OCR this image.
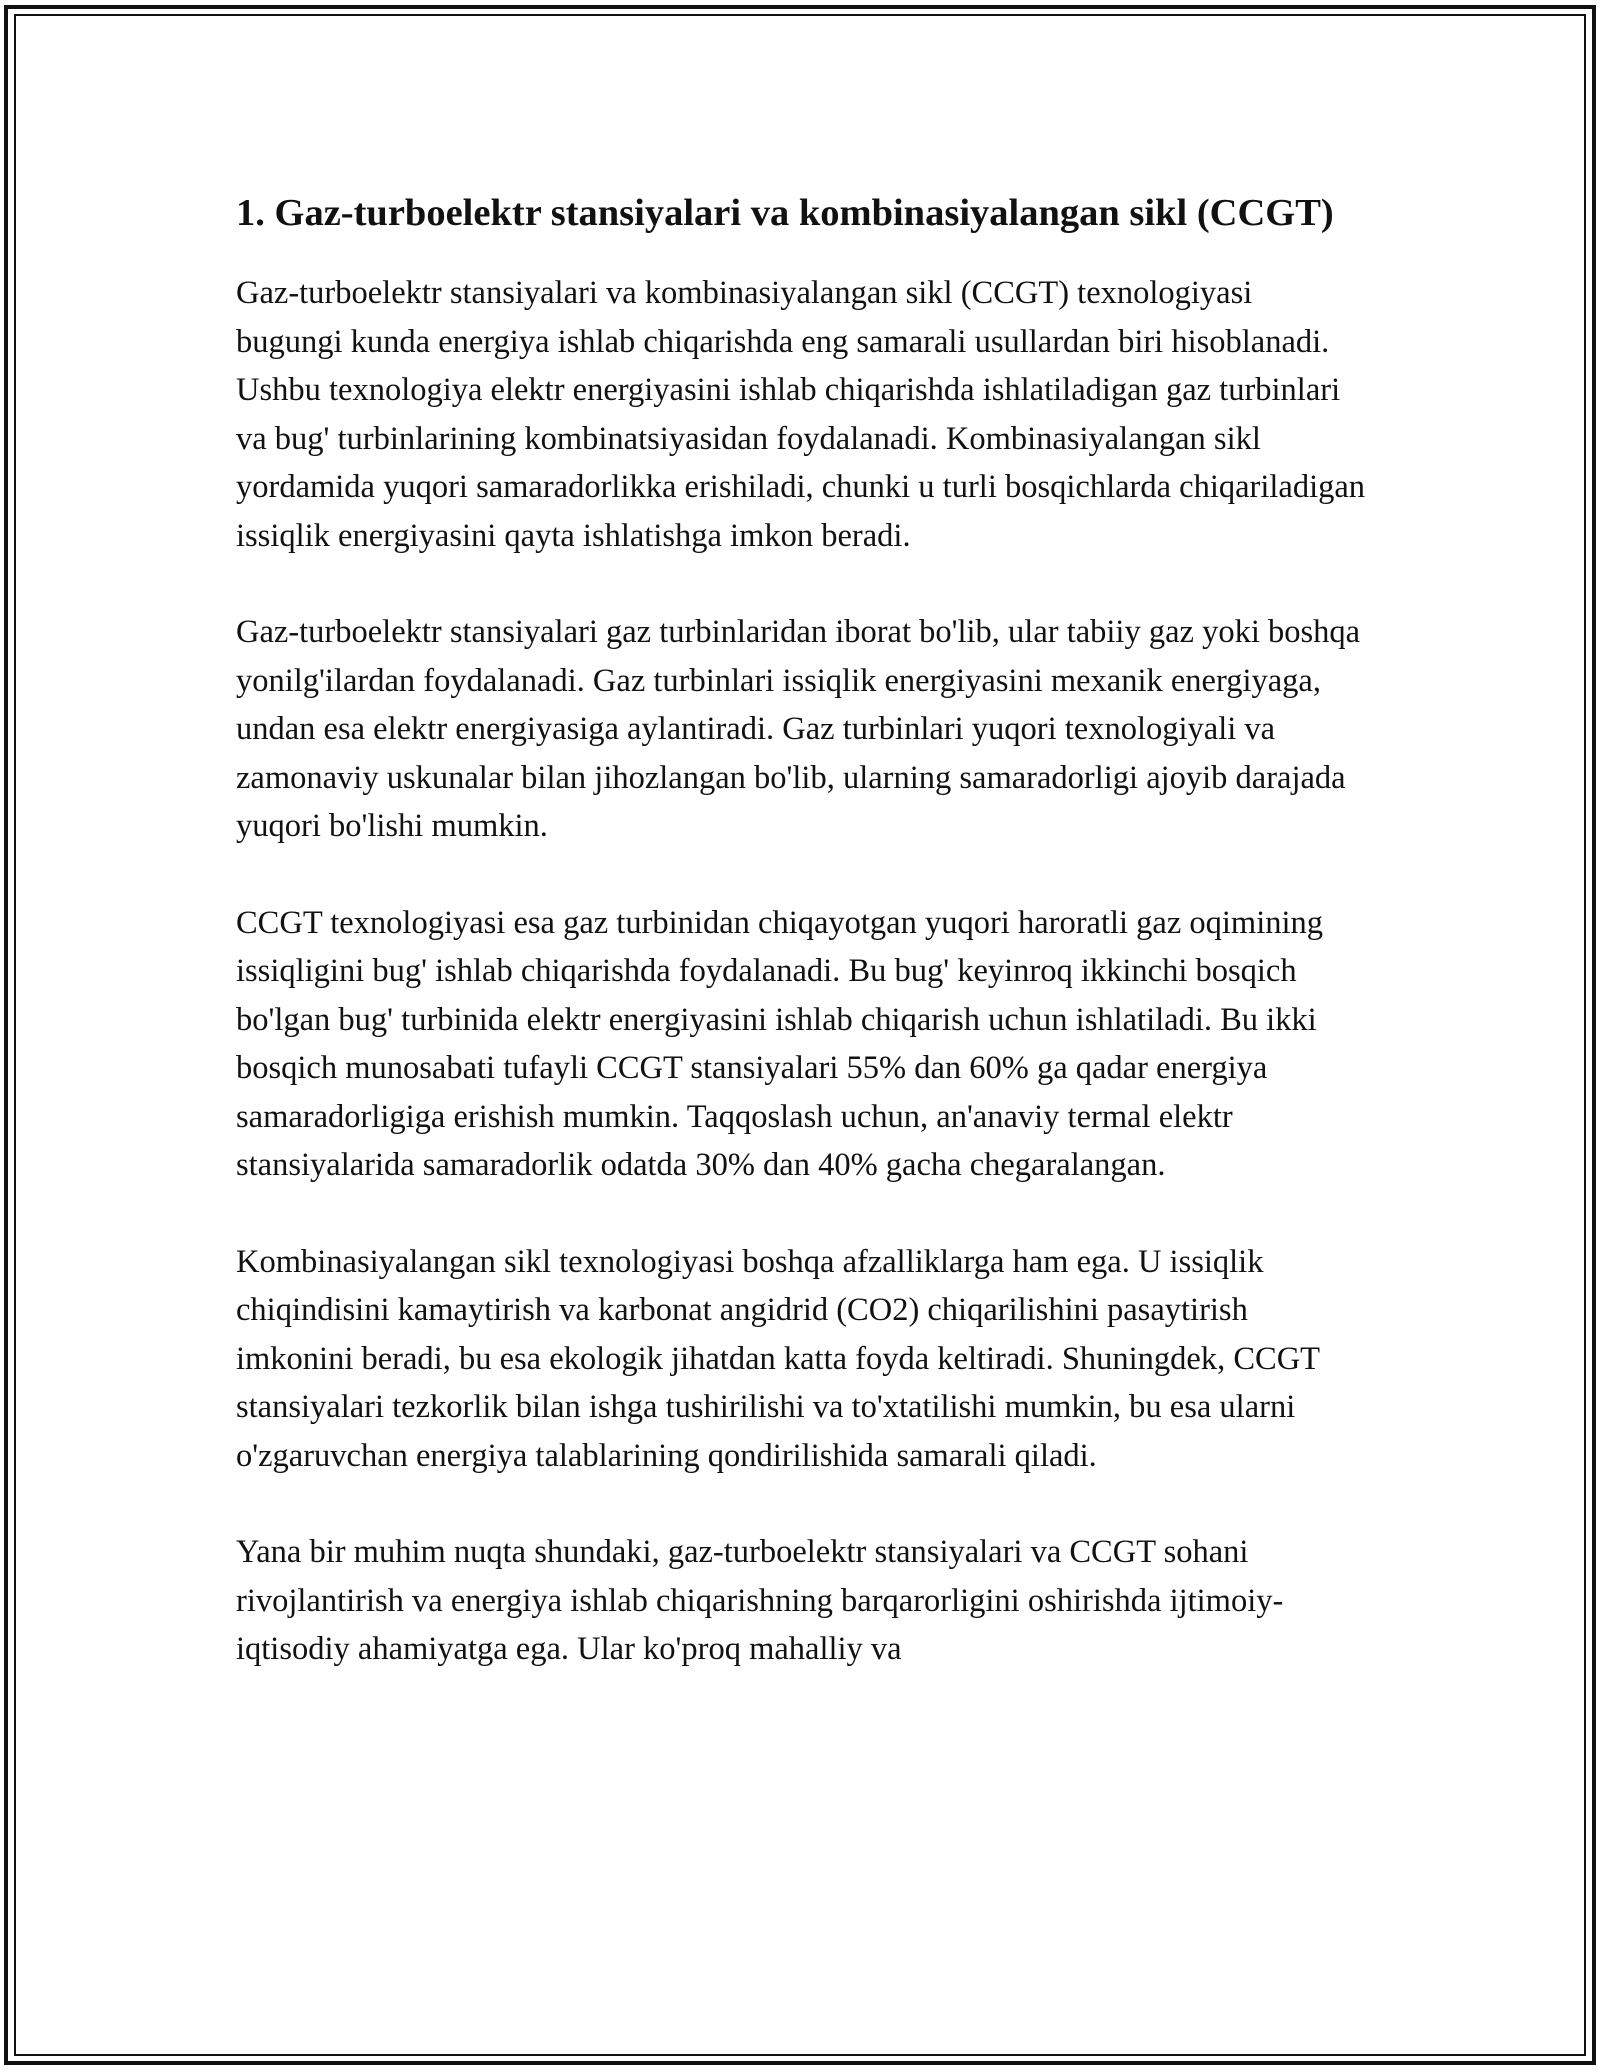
1. Gaz-turboelektr stansiyalari va kombinasiyalangan sikl (CCGT)

Gaz-turboelektr stansiyalari va kombinasiyalangan sikl (CCGT) texnologiyasi bugungi kunda energiya ishlab chiqarishda eng samarali usullardan biri hisoblanadi. Ushbu texnologiya elektr energiyasini ishlab chiqarishda ishlatiladigan gaz turbinlari va bug' turbinlarining kombinatsiyasidan foydalanadi. Kombinasiyalangan sikl yordamida yuqori samaradorlikka erishiladi, chunki u turli bosqichlarda chiqariladigan issiqlik energiyasini qayta ishlatishga imkon beradi.

Gaz-turboelektr stansiyalari gaz turbinlaridan iborat bo'lib, ular tabiiy gaz yoki boshqa yonilg'ilardan foydalanadi. Gaz turbinlari issiqlik energiyasini mexanik energiyaga, undan esa elektr energiyasiga aylantiradi. Gaz turbinlari yuqori texnologiyali va zamonaviy uskunalar bilan jihozlangan bo'lib, ularning samaradorligi ajoyib darajada yuqori bo'lishi mumkin.

CCGT texnologiyasi esa gaz turbinidan chiqayotgan yuqori haroratli gaz oqimining issiqligini bug' ishlab chiqarishda foydalanadi. Bu bug' keyinroq ikkinchi bosqich bo'lgan bug' turbinida elektr energiyasini ishlab chiqarish uchun ishlatiladi. Bu ikki bosqich munosabati tufayli CCGT stansiyalari 55% dan 60% ga qadar energiya samaradorligiga erishish mumkin. Taqqoslash uchun, an'anaviy termal elektr stansiyalarida samaradorlik odatda 30% dan 40% gacha chegaralangan.

Kombinasiyalangan sikl texnologiyasi boshqa afzalliklarga ham ega. U issiqlik chiqindisini kamaytirish va karbonat angidrid (CO2) chiqarilishini pasaytirish imkonini beradi, bu esa ekologik jihatdan katta foyda keltiradi. Shuningdek, CCGT stansiyalari tezkorlik bilan ishga tushirilishi va to'xtatilishi mumkin, bu esa ularni o'zgaruvchan energiya talablarining qondirilishida samarali qiladi.

Yana bir muhim nuqta shundaki, gaz-turboelektr stansiyalari va CCGT sohani rivojlantirish va energiya ishlab chiqarishning barqarorligini oshirishda ijtimoiy-iqtisodiy ahamiyatga ega. Ular ko'proq mahalliy va
